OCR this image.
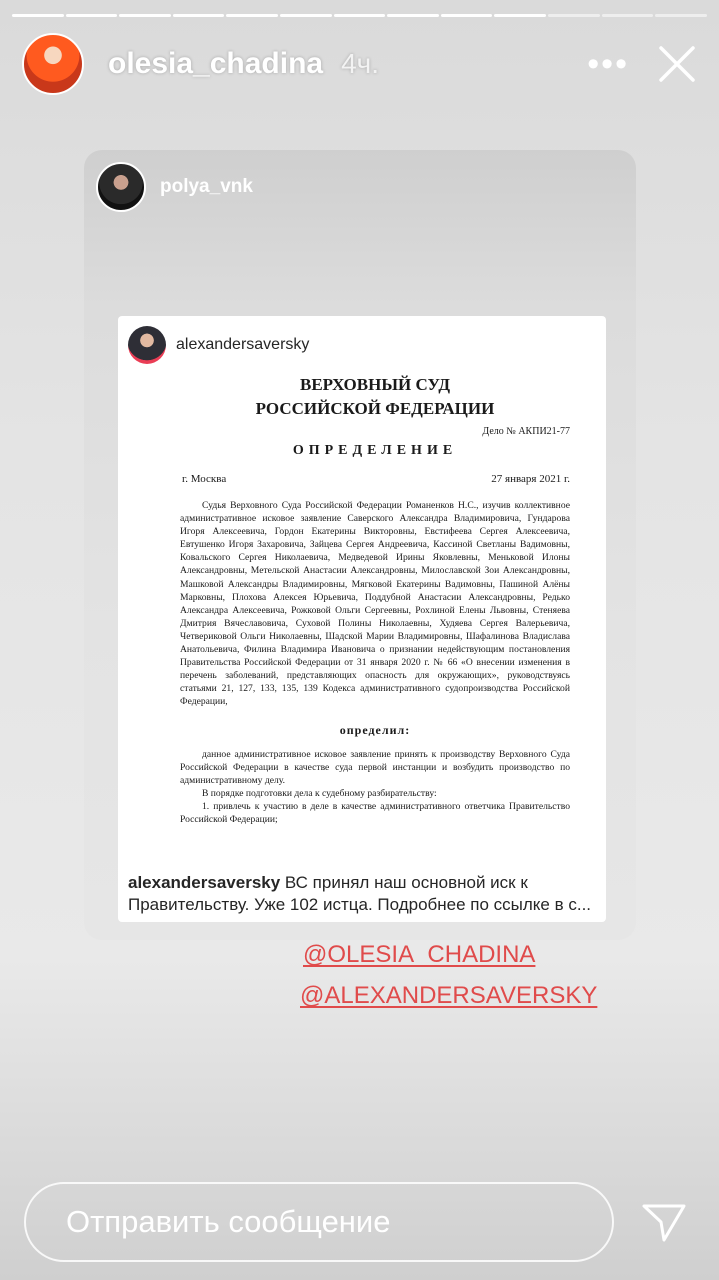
olesia_chadina 4ч.	•••
polya_vnk
alexandersaversky
ВЕРХОВНЫЙ СУД
РОССИЙСКОЙ ФЕДЕРАЦИИ
Дело № АКПИ21-77
ОПРЕДЕЛЕНИЕ
г. Москва	27 января 2021 г.

Судья Верховного Суда Российской Федерации Романенков Н.С., изучив коллективное административное исковое заявление Саверского Александра Владимировича, Гундарова Игоря Алексеевича, Гордон Екатерины Викторовны, Евстифеева Сергея Алексеевича, Евтушенко Игоря Захаровича, Зайцева Сергея Андреевича, Кассиной Светланы Вадимовны, Ковальского Сергея Николаевича, Медведевой Ирины Яковлевны, Меньковой Илоны Александровны, Метельской Анастасии Александровны, Милославской Зои Александровны, Машковой Александры Владимировны, Мягковой Екатерины Вадимовны, Пашиной Алёны Марковны, Плохова Алексея Юрьевича, Поддубной Анастасии Александровны, Редько Александра Алексеевича, Рожковой Ольги Сергеевны, Рохлиной Елены Львовны, Стеняева Дмитрия Вячеславовича, Суховой Полины Николаевны, Худяева Сергея Валерьевича, Четвериковой Ольги Николаевны, Шадской Марии Владимировны, Шафалинова Владислава Анатольевича, Филина Владимира Ивановича о признании недействующим постановления Правительства Российской Федерации от 31 января 2020 г. № 66 «О внесении изменения в перечень заболеваний, представляющих опасность для окружающих», руководствуясь статьями 21, 127, 133, 135, 139 Кодекса административного судопроизводства Российской Федерации,

определил:

данное административное исковое заявление принять к производству Верховного Суда Российской Федерации в качестве суда первой инстанции и возбудить производство по административному делу.

В порядке подготовки дела к судебному разбирательству:

1. привлечь к участию в деле в качестве административного ответчика Правительство Российской Федерации;

alexandersaversky ВС принял наш основной иск к Правительству. Уже 102 истца. Подробнее по ссылке в с...
@OLESIA_CHADINA
@ALEXANDERSAVERSKY
Отправить сообщение
